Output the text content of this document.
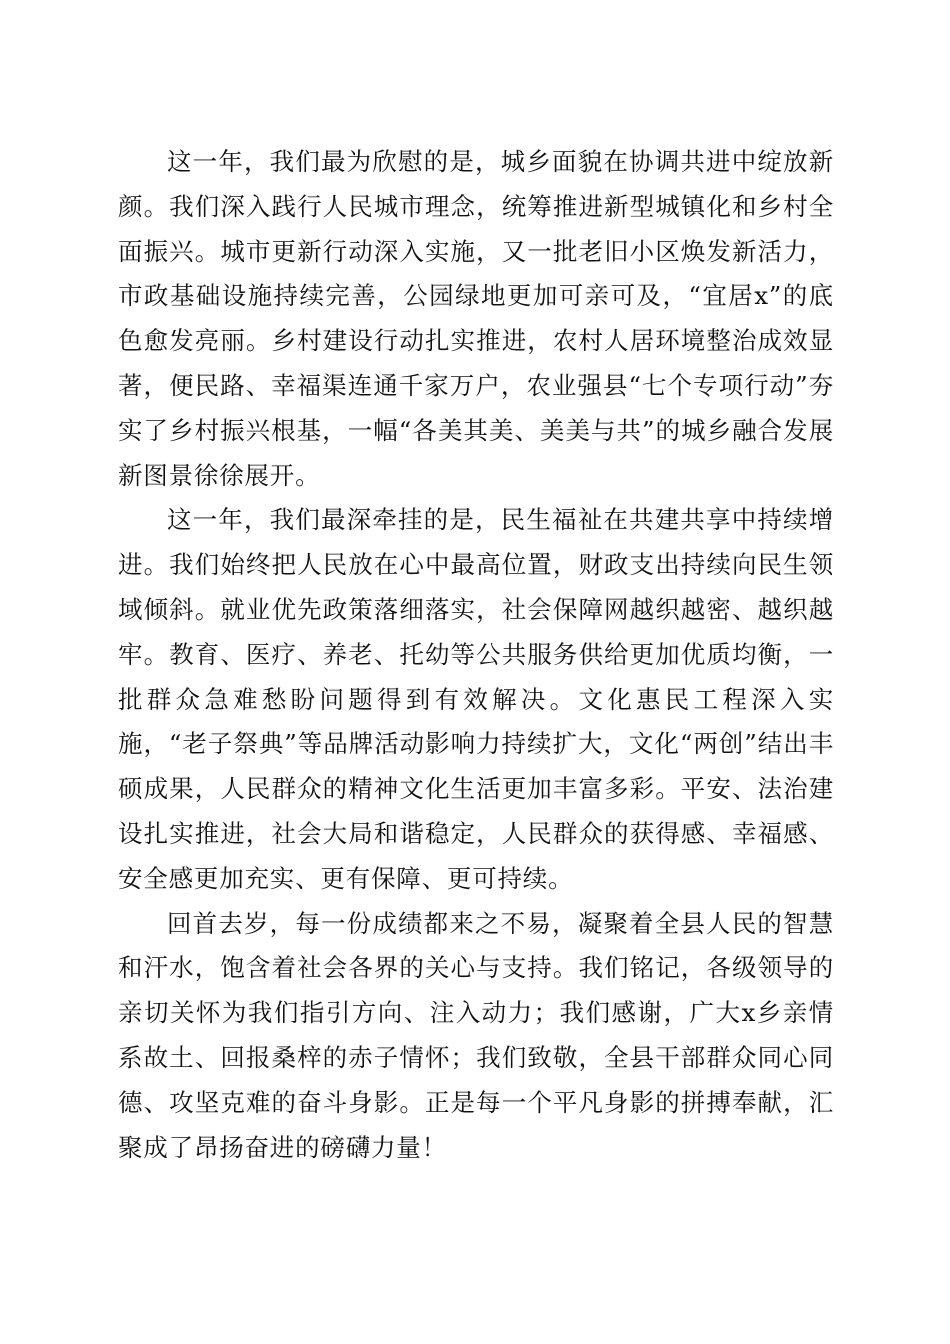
这一年，我们最为欣慰的是，城乡面貌在协调共进中绽放新颜。我们深入践行人民城市理念，统筹推进新型城镇化和乡村全面振兴。城市更新行动深入实施，又一批老旧小区焕发新活力，市政基础设施持续完善，公园绿地更加可亲可及，“宜居x”的底色愈发亮丽。乡村建设行动扎实推进，农村人居环境整治成效显著，便民路、幸福渠连通千家万户，农业强县“七个专项行动”夯实了乡村振兴根基，一幅“各美其美、美美与共”的城乡融合发展新图景徐徐展开。

这一年，我们最深牵挂的是，民生福祉在共建共享中持续增进。我们始终把人民放在心中最高位置，财政支出持续向民生领域倾斜。就业优先政策落细落实，社会保障网越织越密、越织越牢。教育、医疗、养老、托幼等公共服务供给更加优质均衡，一批群众急难愁盼问题得到有效解决。文化惠民工程深入实施，“老子祭典”等品牌活动影响力持续扩大，文化“两创”结出丰硕成果，人民群众的精神文化生活更加丰富多彩。平安、法治建设扎实推进，社会大局和谐稳定，人民群众的获得感、幸福感、安全感更加充实、更有保障、更可持续。

回首去岁，每一份成绩都来之不易，凝聚着全县人民的智慧和汗水，饱含着社会各界的关心与支持。我们铭记，各级领导的亲切关怀为我们指引方向、注入动力；我们感谢，广大x乡亲情系故土、回报桑梓的赤子情怀；我们致敬，全县干部群众同心同德、攻坚克难的奋斗身影。正是每一个平凡身影的拼搏奉献，汇聚成了昂扬奋进的磅礴力量！
